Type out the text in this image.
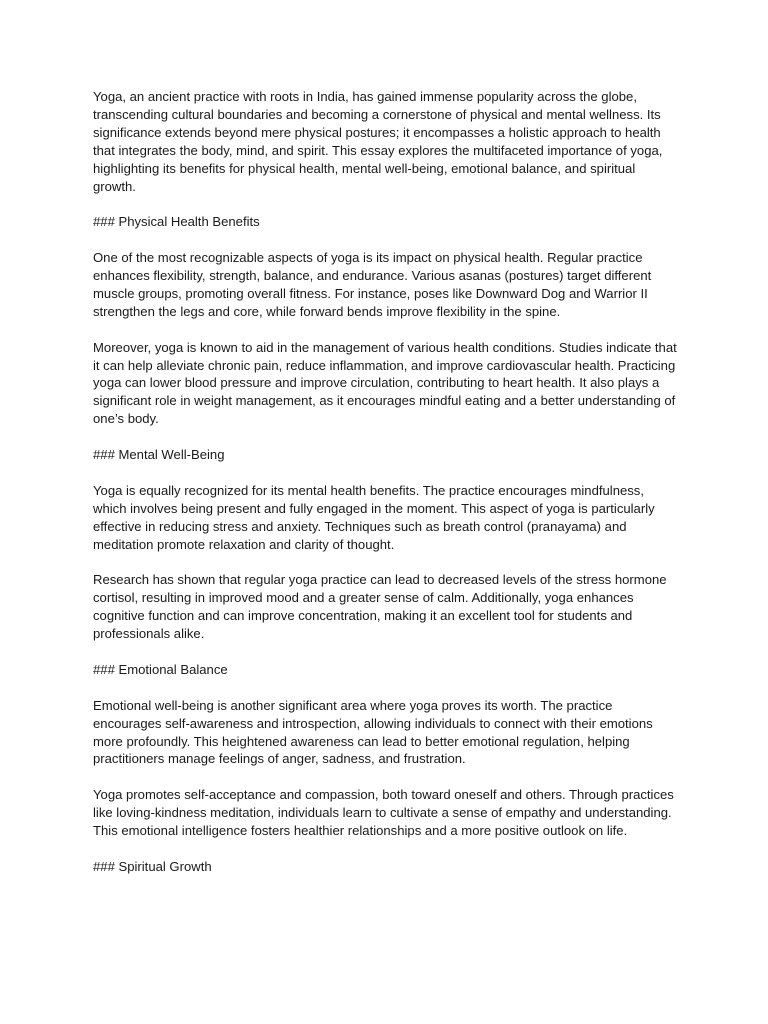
Yoga, an ancient practice with roots in India, has gained immense popularity across the globe, transcending cultural boundaries and becoming a cornerstone of physical and mental wellness. Its significance extends beyond mere physical postures; it encompasses a holistic approach to health that integrates the body, mind, and spirit. This essay explores the multifaceted importance of yoga, highlighting its benefits for physical health, mental well-being, emotional balance, and spiritual growth.

### Physical Health Benefits

One of the most recognizable aspects of yoga is its impact on physical health. Regular practice enhances flexibility, strength, balance, and endurance. Various asanas (postures) target different muscle groups, promoting overall fitness. For instance, poses like Downward Dog and Warrior II strengthen the legs and core, while forward bends improve flexibility in the spine.

Moreover, yoga is known to aid in the management of various health conditions. Studies indicate that it can help alleviate chronic pain, reduce inflammation, and improve cardiovascular health. Practicing yoga can lower blood pressure and improve circulation, contributing to heart health. It also plays a significant role in weight management, as it encourages mindful eating and a better understanding of one’s body.

### Mental Well-Being

Yoga is equally recognized for its mental health benefits. The practice encourages mindfulness, which involves being present and fully engaged in the moment. This aspect of yoga is particularly effective in reducing stress and anxiety. Techniques such as breath control (pranayama) and meditation promote relaxation and clarity of thought.

Research has shown that regular yoga practice can lead to decreased levels of the stress hormone cortisol, resulting in improved mood and a greater sense of calm. Additionally, yoga enhances cognitive function and can improve concentration, making it an excellent tool for students and professionals alike.

### Emotional Balance

Emotional well-being is another significant area where yoga proves its worth. The practice encourages self-awareness and introspection, allowing individuals to connect with their emotions more profoundly. This heightened awareness can lead to better emotional regulation, helping practitioners manage feelings of anger, sadness, and frustration.

Yoga promotes self-acceptance and compassion, both toward oneself and others. Through practices like loving-kindness meditation, individuals learn to cultivate a sense of empathy and understanding. This emotional intelligence fosters healthier relationships and a more positive outlook on life.

### Spiritual Growth
